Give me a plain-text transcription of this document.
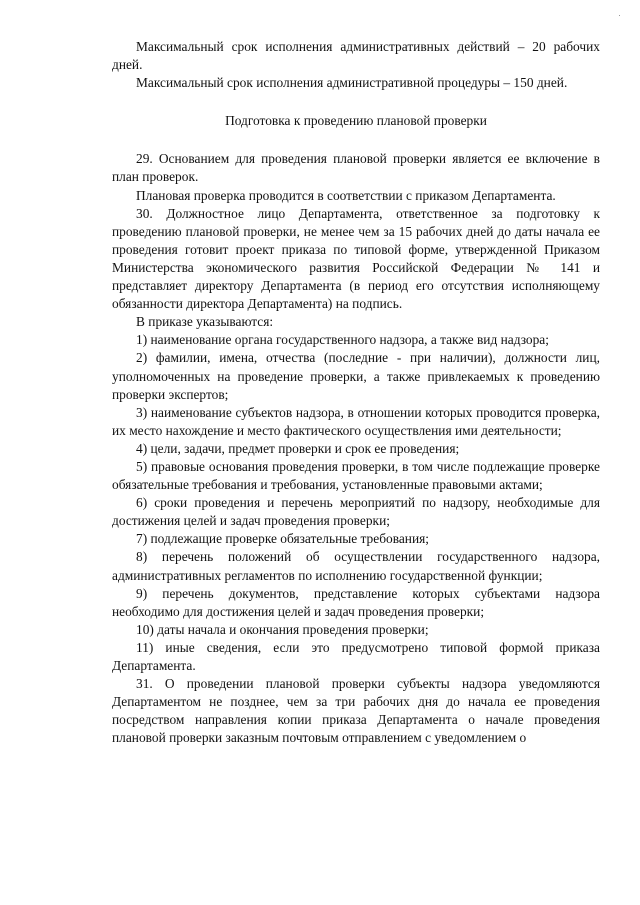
Максимальный срок исполнения административных действий – 20 рабочих дней.

Максимальный срок исполнения административной процедуры – 150 дней.

Подготовка к проведению плановой проверки

29. Основанием для проведения плановой проверки является ее включение в план проверок.

Плановая проверка проводится в соответствии с приказом Департамента.

30. Должностное лицо Департамента, ответственное за подготовку к проведению плановой проверки, не менее чем за 15 рабочих дней до даты начала ее проведения готовит проект приказа по типовой форме, утвержденной Приказом Министерства экономического развития Российской Федерации № 141 и представляет директору Департамента (в период его отсутствия исполняющему обязанности директора Департамента) на подпись.

В приказе указываются:

1) наименование органа государственного надзора, а также вид надзора;

2) фамилии, имена, отчества (последние - при наличии), должности лиц, уполномоченных на проведение проверки, а также привлекаемых к проведению проверки экспертов;

3) наименование субъектов надзора, в отношении которых проводится проверка, их место нахождение и место фактического осуществления ими деятельности;

4) цели, задачи, предмет проверки и срок ее проведения;

5) правовые основания проведения проверки, в том числе подлежащие проверке обязательные требования и требования, установленные правовыми актами;

6) сроки проведения и перечень мероприятий по надзору, необходимые для достижения целей и задач проведения проверки;

7) подлежащие проверке обязательные требования;

8) перечень положений об осуществлении государственного надзора, административных регламентов по исполнению государственной функции;

9) перечень документов, представление которых субъектами надзора необходимо для достижения целей и задач проведения проверки;

10) даты начала и окончания проведения проверки;

11) иные сведения, если это предусмотрено типовой формой приказа Департамента.

31. О проведении плановой проверки субъекты надзора уведомляются Департаментом не позднее, чем за три рабочих дня до начала ее проведения посредством направления копии приказа Департамента о начале проведения плановой проверки заказным почтовым отправлением с уведомлением о
